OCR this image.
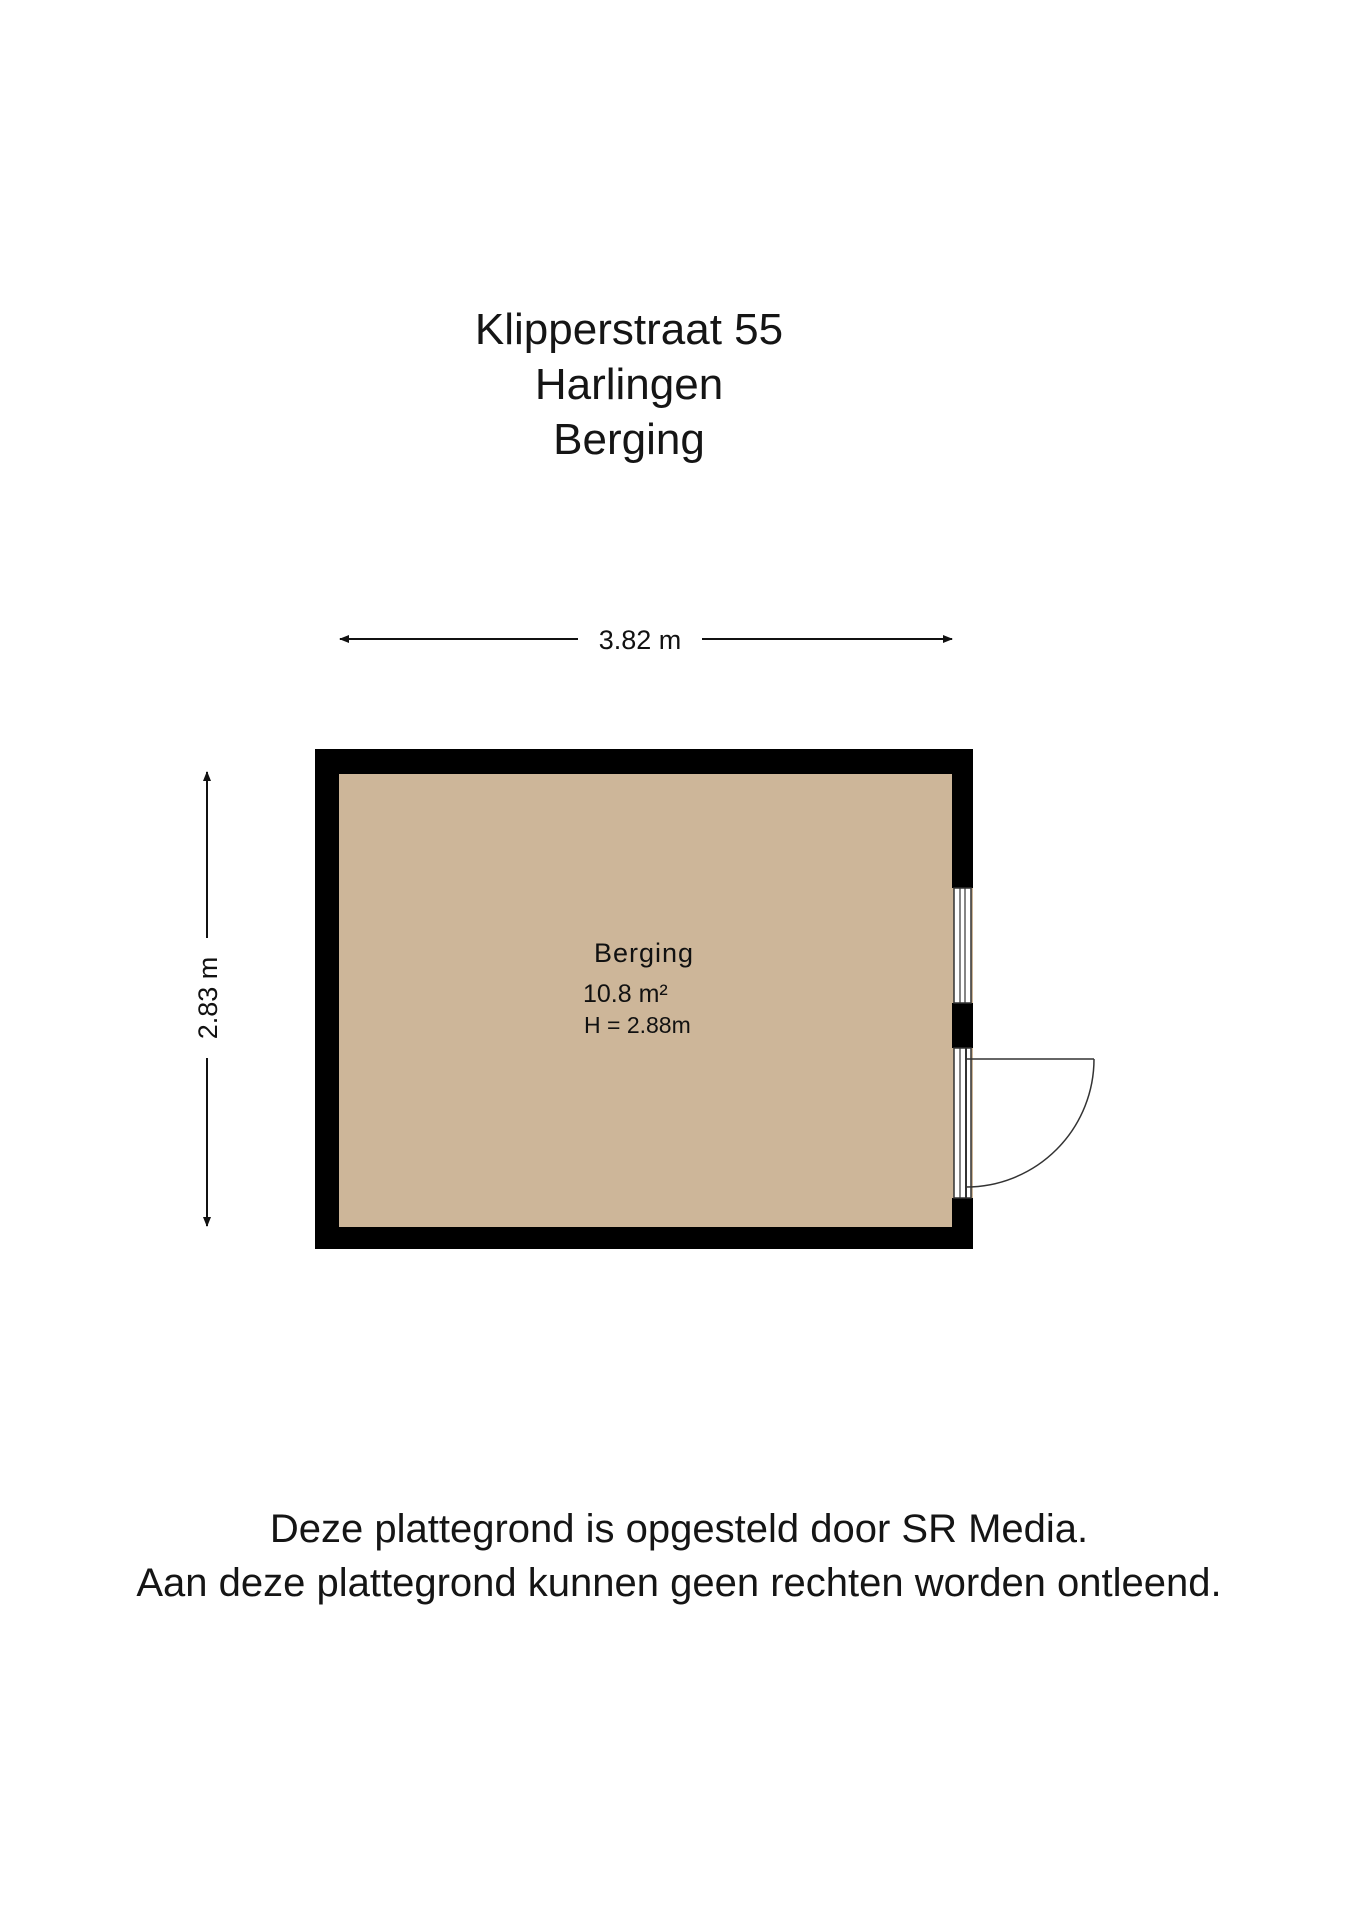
Klipperstraat 55
Harlingen
Berging
3.82 m
2.83 m
Berging
10.8 m²
H = 2.88m
Deze plattegrond is opgesteld door SR Media.
Aan deze plattegrond kunnen geen rechten worden ontleend.
